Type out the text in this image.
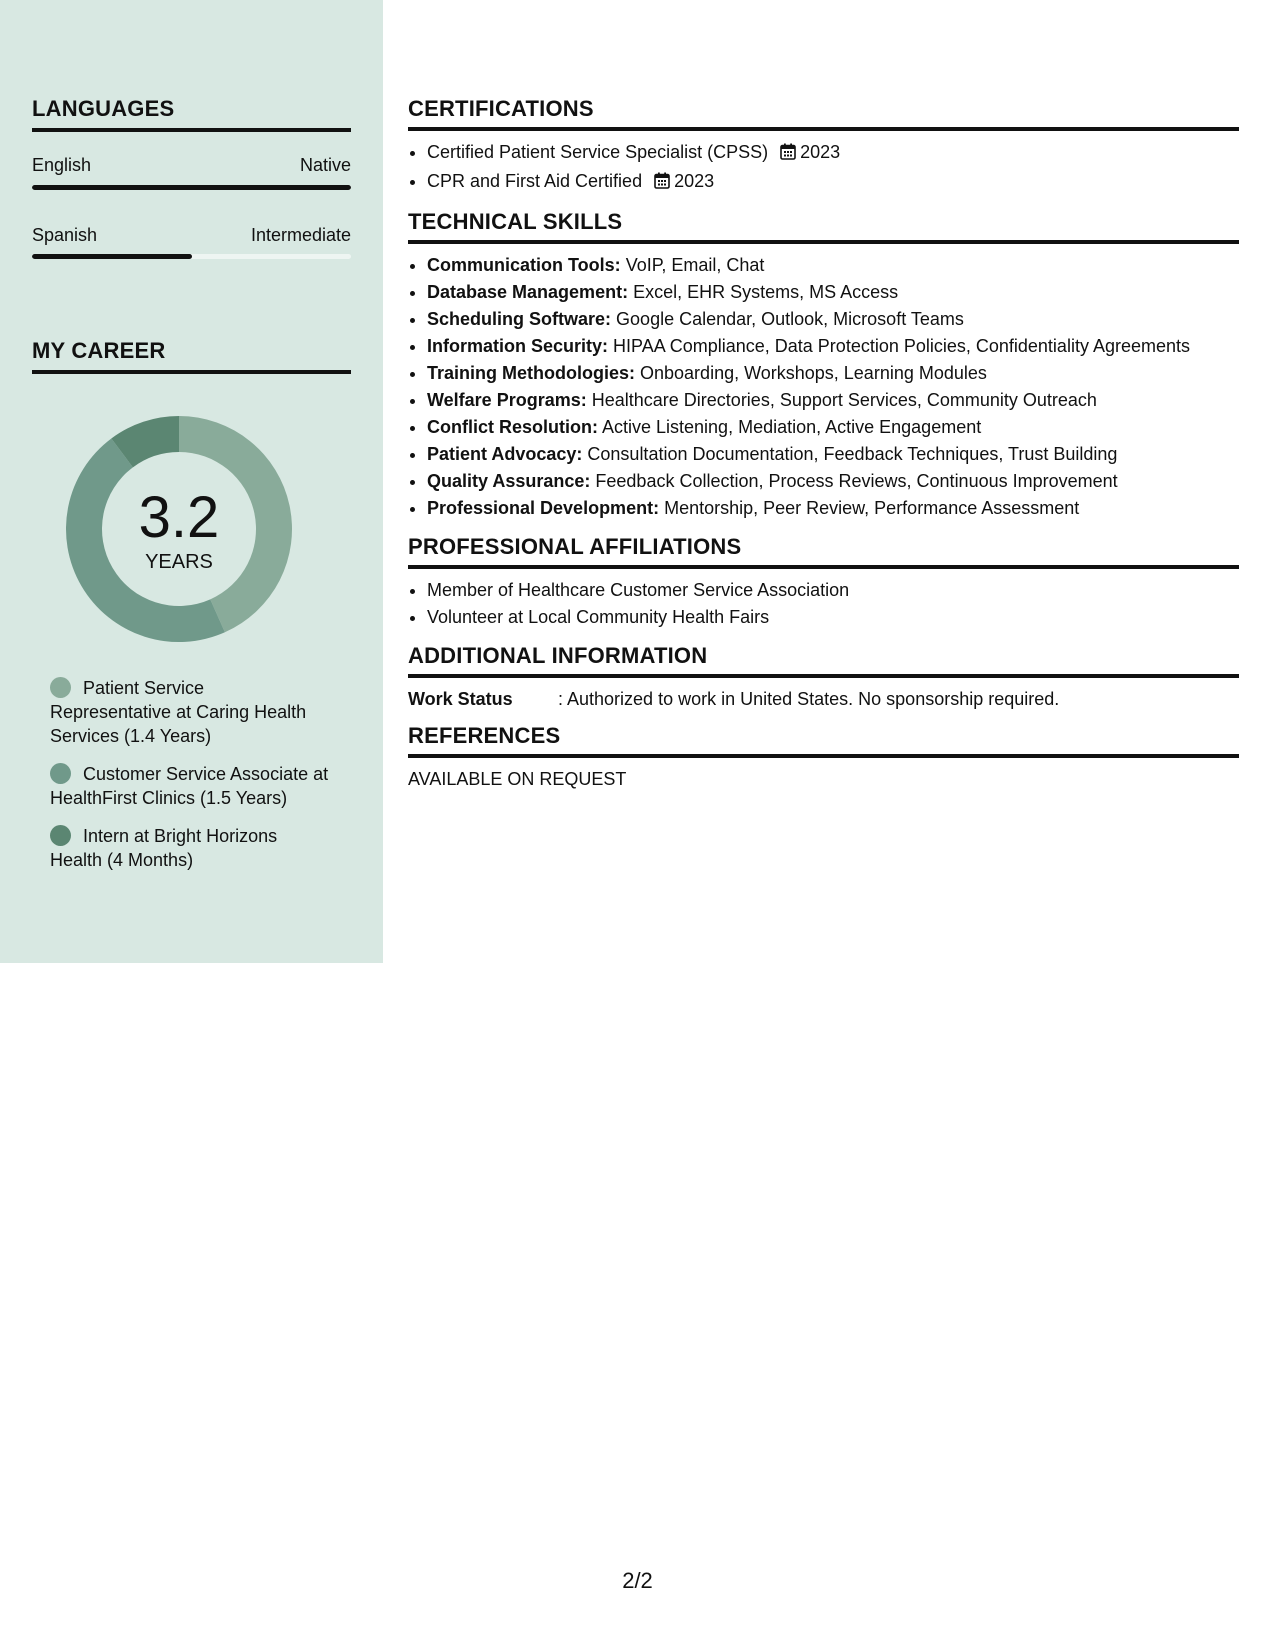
LANGUAGES
English	Native
Spanish	Intermediate
MY CAREER
3.2
YEARS
Patient Service Representative at Caring Health Services (1.4 Years)
Customer Service Associate at HealthFirst Clinics (1.5 Years)
Intern at Bright Horizons Health (4 Months)
CERTIFICATIONS
• Certified Patient Service Specialist (CPSS) 2023
• CPR and First Aid Certified 2023
TECHNICAL SKILLS
• Communication Tools: VoIP, Email, Chat
• Database Management: Excel, EHR Systems, MS Access
• Scheduling Software: Google Calendar, Outlook, Microsoft Teams
• Information Security: HIPAA Compliance, Data Protection Policies, Confidentiality Agreements
• Training Methodologies: Onboarding, Workshops, Learning Modules
• Welfare Programs: Healthcare Directories, Support Services, Community Outreach
• Conflict Resolution: Active Listening, Mediation, Active Engagement
• Patient Advocacy: Consultation Documentation, Feedback Techniques, Trust Building
• Quality Assurance: Feedback Collection, Process Reviews, Continuous Improvement
• Professional Development: Mentorship, Peer Review, Performance Assessment
PROFESSIONAL AFFILIATIONS
• Member of Healthcare Customer Service Association
• Volunteer at Local Community Health Fairs
ADDITIONAL INFORMATION
Work Status	: Authorized to work in United States. No sponsorship required.
REFERENCES
AVAILABLE ON REQUEST
2/2
